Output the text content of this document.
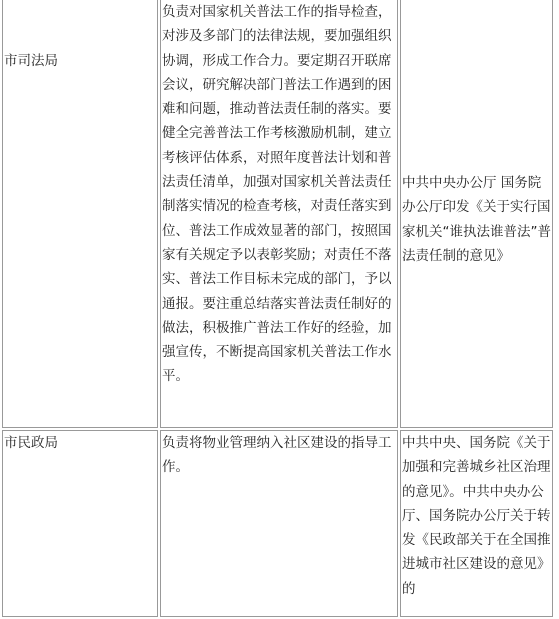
市司法局	负责对国家机关普法工作的指导检查，对涉及多部门的法律法规，要加强组织协调，形成工作合力。要定期召开联席会议，研究解决部门普法工作遇到的困难和问题，推动普法责任制的落实。要健全完善普法工作考核激励机制，建立考核评估体系，对照年度普法计划和普法责任清单，加强对国家机关普法责任制落实情况的检查考核，对责任落实到位、普法工作成效显著的部门，按照国家有关规定予以表彰奖励；对责任不落实、普法工作目标未完成的部门，予以通报。要注重总结落实普法责任制好的做法，积极推广普法工作好的经验，加强宣传，不断提高国家机关普法工作水平。	中共中央办公厅 国务院办公厅印发《关于实行国家机关“谁执法谁普法”普法责任制的意见》

市民政局	负责将物业管理纳入社区建设的指导工作。	中共中央、国务院《关于加强和完善城乡社区治理的意见》。中共中央办公厅、国务院办公厅关于转发《民政部关于在全国推进城市社区建设的意见》的
